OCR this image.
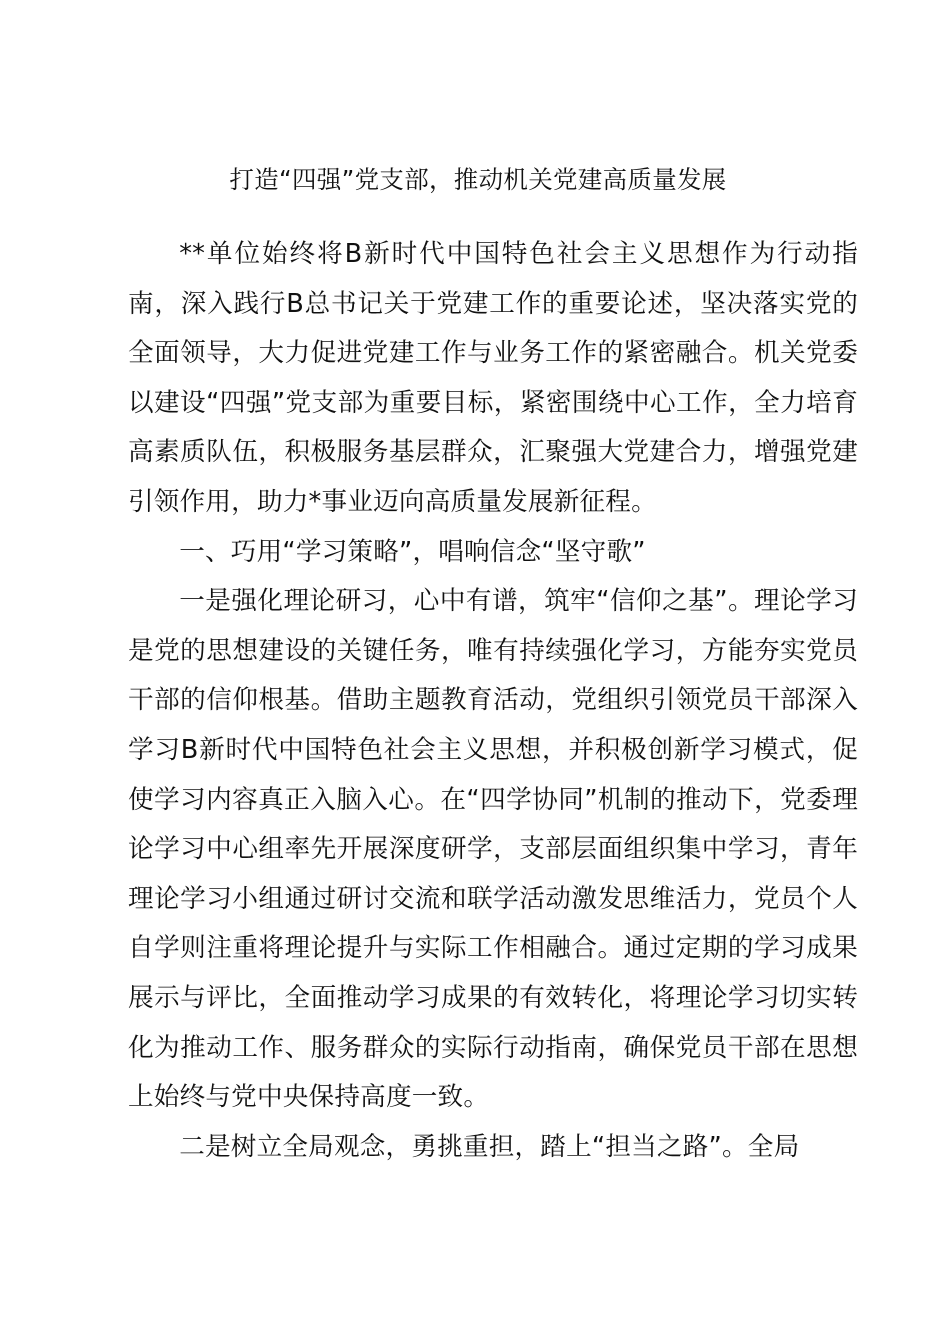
打造“四强”党支部，推动机关党建高质量发展

**单位始终将B新时代中国特色社会主义思想作为行动指南，深入践行B总书记关于党建工作的重要论述，坚决落实党的全面领导，大力促进党建工作与业务工作的紧密融合。机关党委以建设“四强”党支部为重要目标，紧密围绕中心工作，全力培育高素质队伍，积极服务基层群众，汇聚强大党建合力，增强党建引领作用，助力*事业迈向高质量发展新征程。

一、巧用“学习策略”，唱响信念“坚守歌”

一是强化理论研习，心中有谱，筑牢“信仰之基”。理论学习是党的思想建设的关键任务，唯有持续强化学习，方能夯实党员干部的信仰根基。借助主题教育活动，党组织引领党员干部深入学习B新时代中国特色社会主义思想，并积极创新学习模式，促使学习内容真正入脑入心。在“四学协同”机制的推动下，党委理论学习中心组率先开展深度研学，支部层面组织集中学习，青年理论学习小组通过研讨交流和联学活动激发思维活力，党员个人自学则注重将理论提升与实际工作相融合。通过定期的学习成果展示与评比，全面推动学习成果的有效转化，将理论学习切实转化为推动工作、服务群众的实际行动指南，确保党员干部在思想上始终与党中央保持高度一致。

二是树立全局观念，勇挑重担，踏上“担当之路”。全局
